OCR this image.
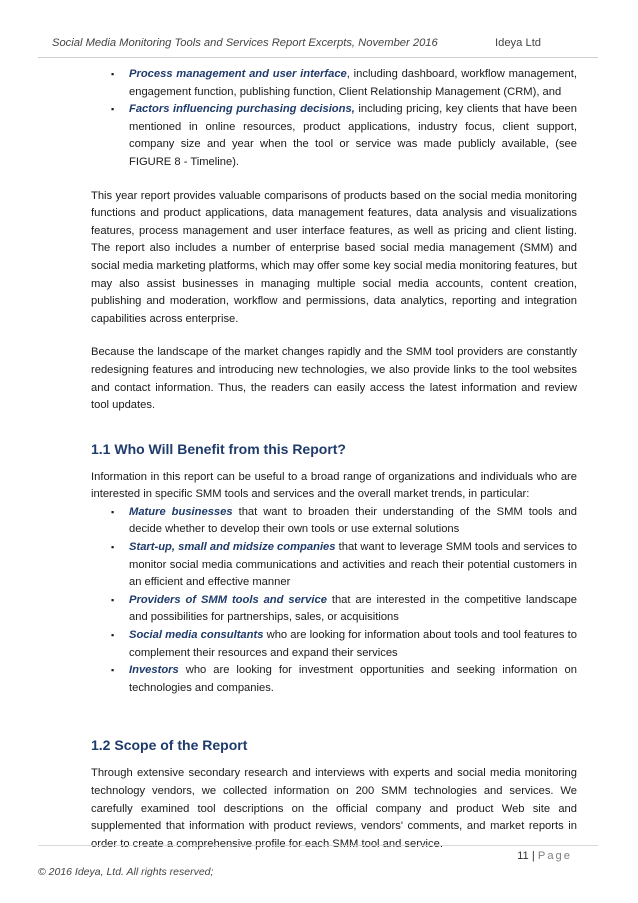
Social Media Monitoring Tools and Services Report Excerpts, November 2016	Ideya Ltd
▪ Process management and user interface, including dashboard, workflow management, engagement function, publishing function, Client Relationship Management (CRM), and
▪ Factors influencing purchasing decisions, including pricing, key clients that have been mentioned in online resources, product applications, industry focus, client support, company size and year when the tool or service was made publicly available, (see FIGURE 8 - Timeline).

This year report provides valuable comparisons of products based on the social media monitoring functions and product applications, data management features, data analysis and visualizations features, process management and user interface features, as well as pricing and client listing. The report also includes a number of enterprise based social media management (SMM) and social media marketing platforms, which may offer some key social media monitoring features, but may also assist businesses in managing multiple social media accounts, content creation, publishing and moderation, workflow and permissions, data analytics, reporting and integration capabilities across enterprise.

Because the landscape of the market changes rapidly and the SMM tool providers are constantly redesigning features and introducing new technologies, we also provide links to the tool websites and contact information. Thus, the readers can easily access the latest information and review tool updates.

1.1 Who Will Benefit from this Report?

Information in this report can be useful to a broad range of organizations and individuals who are interested in specific SMM tools and services and the overall market trends, in particular:

▪ Mature businesses that want to broaden their understanding of the SMM tools and decide whether to develop their own tools or use external solutions
▪ Start-up, small and midsize companies that want to leverage SMM tools and services to monitor social media communications and activities and reach their potential customers in an efficient and effective manner
▪ Providers of SMM tools and service that are interested in the competitive landscape and possibilities for partnerships, sales, or acquisitions
▪ Social media consultants who are looking for information about tools and tool features to complement their resources and expand their services
▪ Investors who are looking for investment opportunities and seeking information on technologies and companies.
1.2 Scope of the Report

Through extensive secondary research and interviews with experts and social media monitoring technology vendors, we collected information on 200 SMM technologies and services. We carefully examined tool descriptions on the official company and product Web site and supplemented that information with product reviews, vendors' comments, and market reports in order to create a comprehensive profile for each SMM tool and service.

11 | Page
© 2016 Ideya, Ltd. All rights reserved;
